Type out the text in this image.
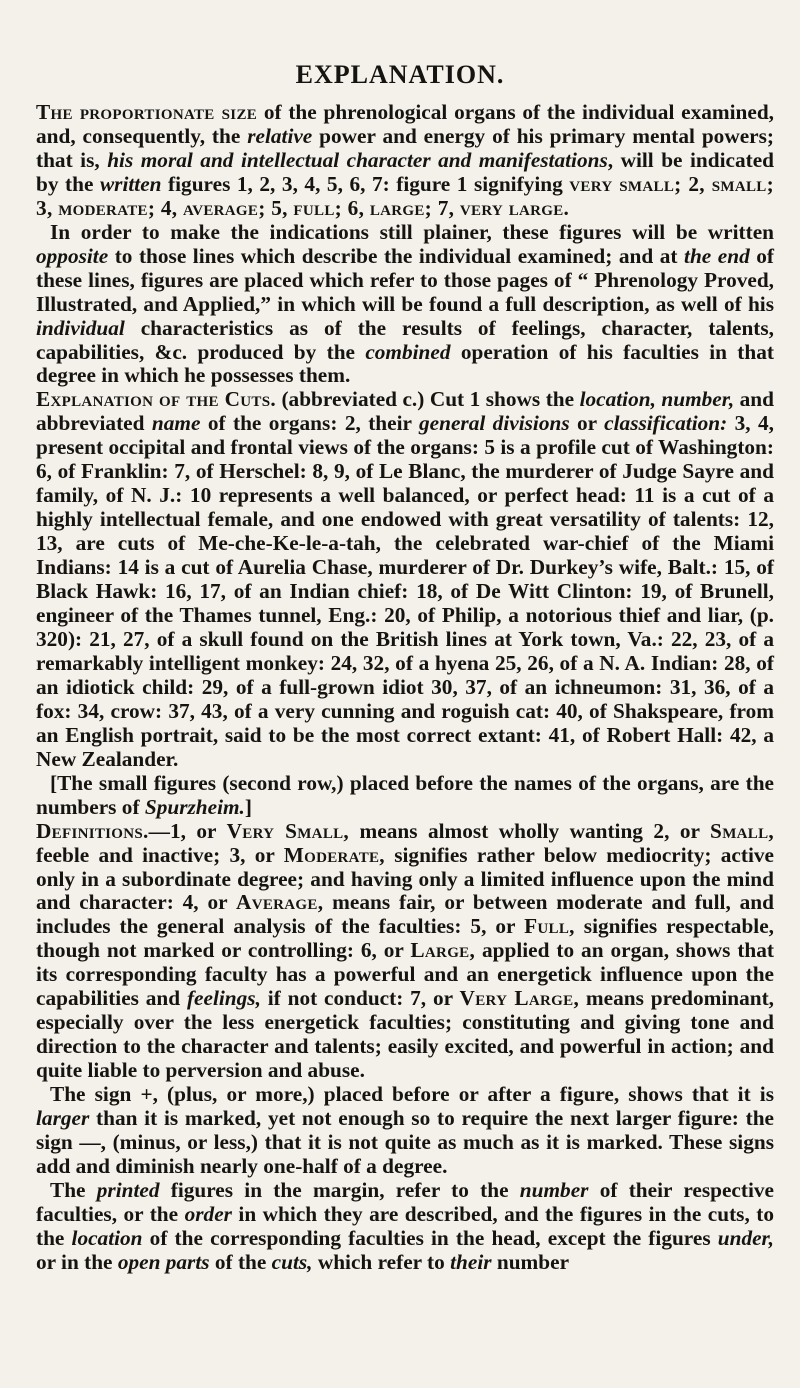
EXPLANATION.

The proportionate size of the phrenological organs of the individual examined, and, consequently, the relative power and energy of his primary mental powers; that is, his moral and intellectual character and manifestations, will be indicated by the written figures 1, 2, 3, 4, 5, 6, 7: figure 1 signifying very small; 2, small; 3, moderate; 4, average; 5, full; 6, large; 7, very large.

In order to make the indications still plainer, these figures will be written opposite to those lines which describe the individual examined; and at the end of these lines, figures are placed which refer to those pages of “ Phrenology Proved, Illustrated, and Applied,” in which will be found a full description, as well of his individual characteristics as of the results of feelings, character, talents, capabilities, &c. produced by the combined operation of his faculties in that degree in which he possesses them.

Explanation of the Cuts. (abbreviated c.) Cut 1 shows the location, number, and abbreviated name of the organs: 2, their general divisions or classification: 3, 4, present occipital and frontal views of the organs: 5 is a profile cut of Washington: 6, of Franklin: 7, of Herschel: 8, 9, of Le Blanc, the murderer of Judge Sayre and family, of N. J.: 10 represents a well balanced, or perfect head: 11 is a cut of a highly intellectual female, and one endowed with great versatility of talents: 12, 13, are cuts of Me-che-Ke-le-a-tah, the celebrated war-chief of the Miami Indians: 14 is a cut of Aurelia Chase, murderer of Dr. Durkey’s wife, Balt.: 15, of Black Hawk: 16, 17, of an Indian chief: 18, of De Witt Clinton: 19, of Brunell, engineer of the Thames tunnel, Eng.: 20, of Philip, a notorious thief and liar, (p. 320): 21, 27, of a skull found on the British lines at York town, Va.: 22, 23, of a remarkably intelligent monkey: 24, 32, of a hyena 25, 26, of a N. A. Indian: 28, of an idiotick child: 29, of a full-grown idiot 30, 37, of an ichneumon: 31, 36, of a fox: 34, crow: 37, 43, of a very cunning and roguish cat: 40, of Shakspeare, from an English portrait, said to be the most correct extant: 41, of Robert Hall: 42, a New Zealander.

[The small figures (second row,) placed before the names of the organs, are the numbers of Spurzheim.]

Definitions.—1, or Very Small, means almost wholly wanting 2, or Small, feeble and inactive; 3, or Moderate, signifies rather below mediocrity; active only in a subordinate degree; and having only a limited influence upon the mind and character: 4, or Average, means fair, or between moderate and full, and includes the general analysis of the faculties: 5, or Full, signifies respectable, though not marked or controlling: 6, or Large, applied to an organ, shows that its corresponding faculty has a powerful and an energetick influence upon the capabilities and feelings, if not conduct: 7, or Very Large, means predominant, especially over the less energetick faculties; constituting and giving tone and direction to the character and talents; easily excited, and powerful in action; and quite liable to perversion and abuse.

The sign +, (plus, or more,) placed before or after a figure, shows that it is larger than it is marked, yet not enough so to require the next larger figure: the sign —, (minus, or less,) that it is not quite as much as it is marked. These signs add and diminish nearly one-half of a degree.

The printed figures in the margin, refer to the number of their respective faculties, or the order in which they are described, and the figures in the cuts, to the location of the corresponding faculties in the head, except the figures under, or in the open parts of the cuts, which refer to their number
